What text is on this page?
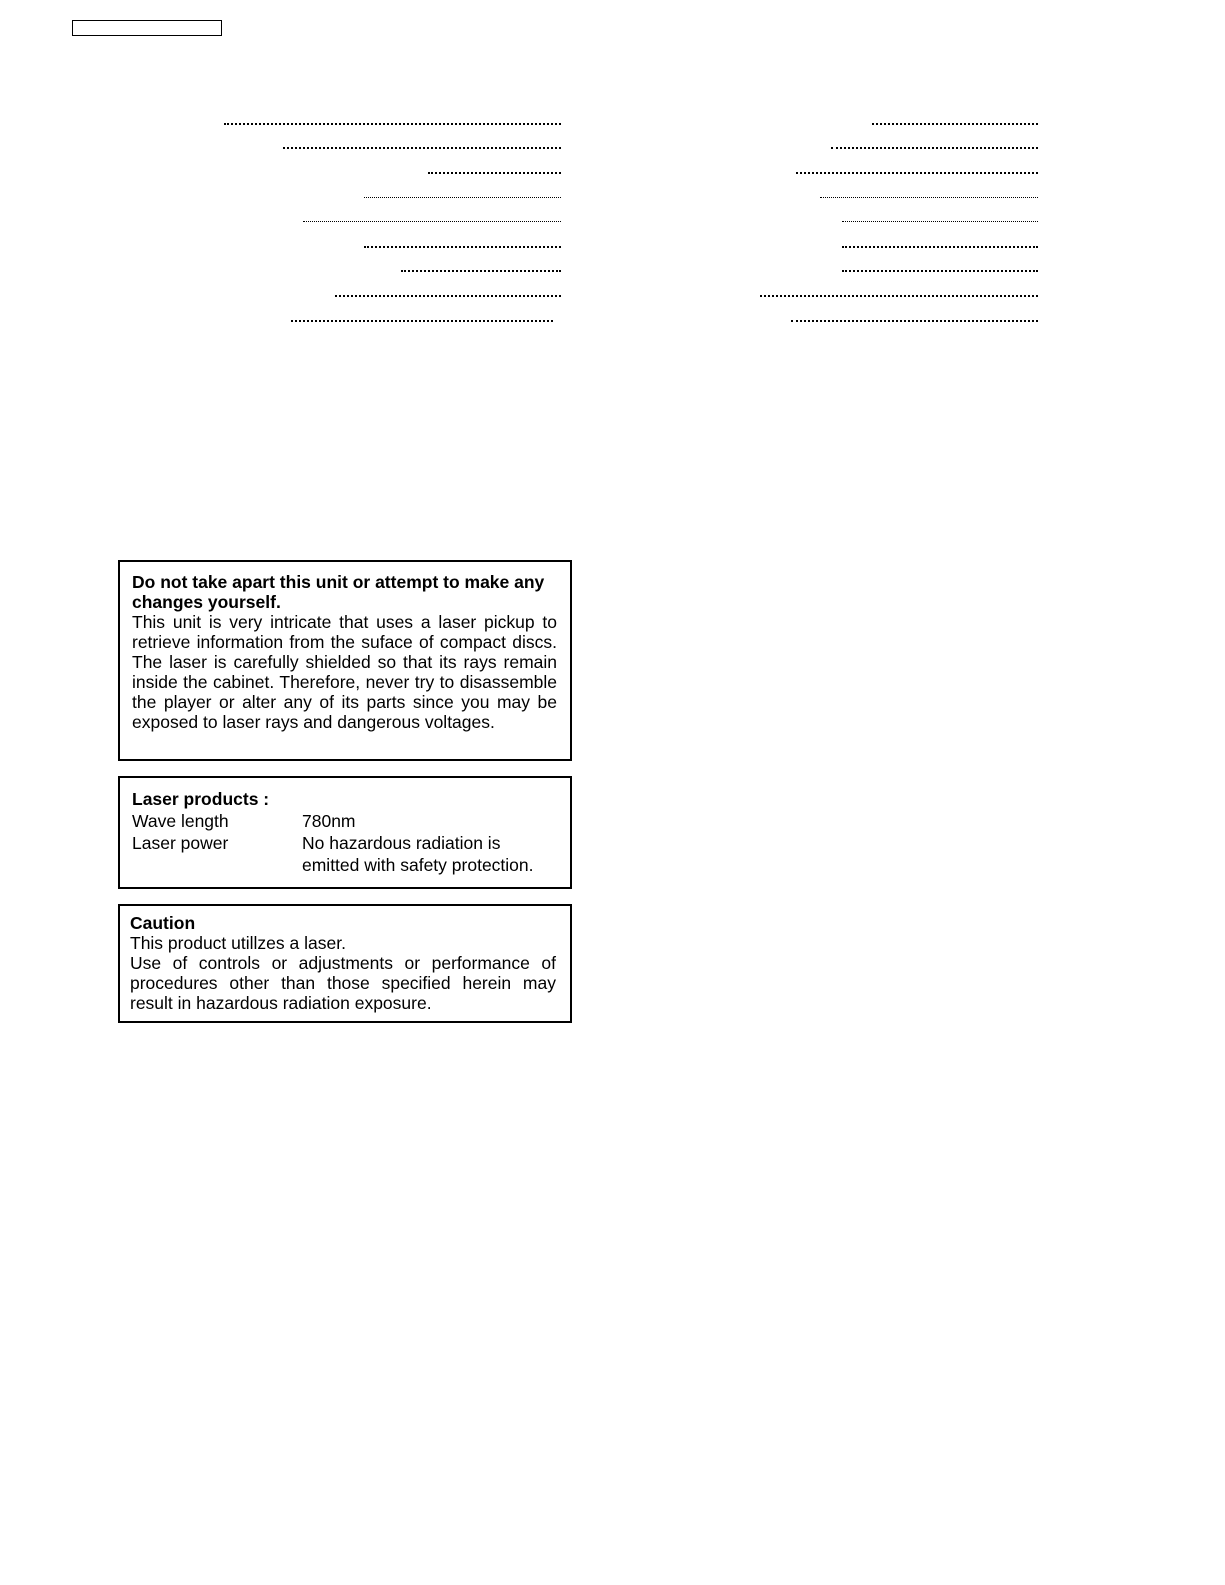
Do not take apart this unit or attempt to make any changes yourself.
This unit is very intricate that uses a laser pickup to retrieve information from the suface of compact discs. The laser is carefully shielded so that its rays remain inside the cabinet. Therefore, never try to disassemble the player or alter any of its parts since you may be exposed to laser rays and dangerous voltages.
Laser products :
Wave length	780nm
Laser power	No hazardous radiation is
emitted with safety protection.
Caution
This product utillzes a laser.
Use of controls or adjustments or performance of procedures other than those specified herein may result in hazardous radiation exposure.
